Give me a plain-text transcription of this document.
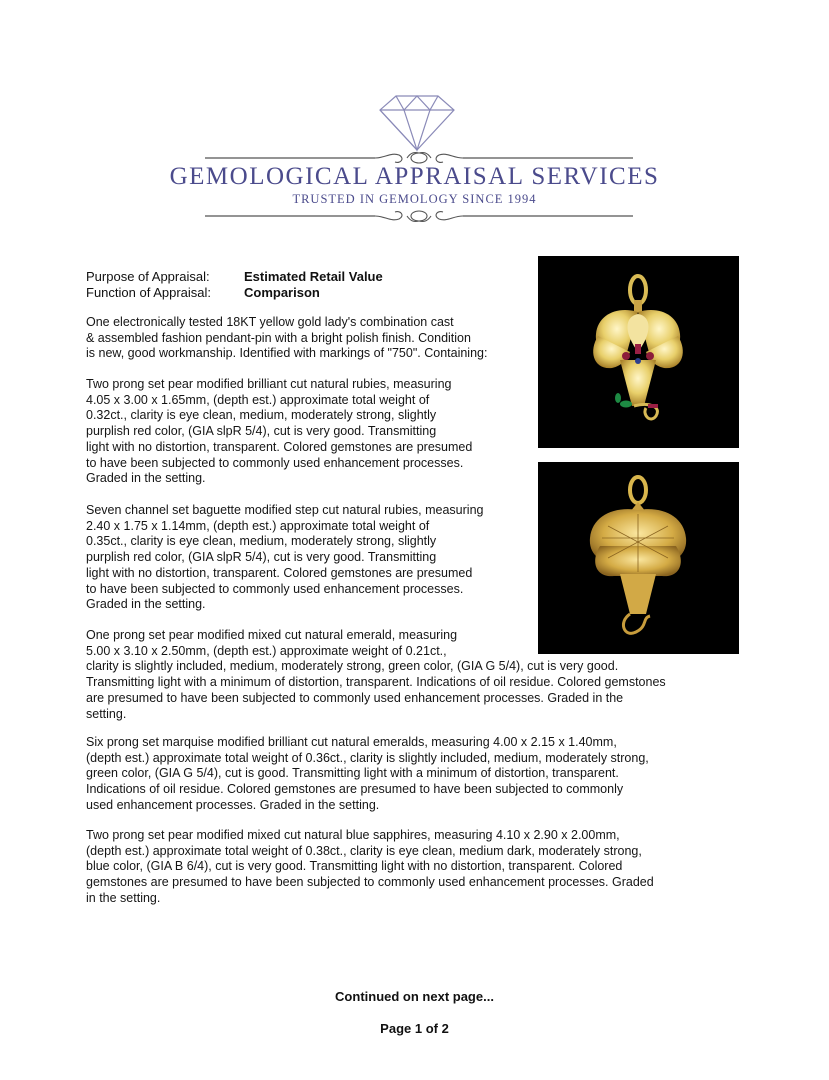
GEMOLOGICAL APPRAISAL SERVICES
TRUSTED IN GEMOLOGY SINCE 1994
Purpose of Appraisal:	Estimated Retail Value
Function of Appraisal:	Comparison
One electronically tested 18KT yellow gold lady's combination cast
& assembled fashion pendant-pin with a bright polish finish. Condition
is new, good workmanship. Identified with markings of "750". Containing:
Two prong set pear modified brilliant cut natural rubies, measuring
4.05 x 3.00 x 1.65mm, (depth est.) approximate total weight of
0.32ct., clarity is eye clean, medium, moderately strong, slightly
purplish red color, (GIA slpR 5/4), cut is very good. Transmitting
light with no distortion, transparent. Colored gemstones are presumed
to have been subjected to commonly used enhancement processes.
Graded in the setting.
Seven channel set baguette modified step cut natural rubies, measuring
2.40 x 1.75 x 1.14mm, (depth est.) approximate total weight of
0.35ct., clarity is eye clean, medium, moderately strong, slightly
purplish red color, (GIA slpR 5/4), cut is very good. Transmitting
light with no distortion, transparent. Colored gemstones are presumed
to have been subjected to commonly used enhancement processes.
Graded in the setting.
One prong set pear modified mixed cut natural emerald, measuring
5.00 x 3.10 x 2.50mm, (depth est.) approximate weight of 0.21ct.,
clarity is slightly included, medium, moderately strong, green color, (GIA G 5/4), cut is very good.
Transmitting light with a minimum of distortion, transparent. Indications of oil residue. Colored gemstones
are presumed to have been subjected to commonly used enhancement processes. Graded in the
setting.
Six prong set marquise modified brilliant cut natural emeralds, measuring 4.00 x 2.15 x 1.40mm,
(depth est.) approximate total weight of 0.36ct., clarity is slightly included, medium, moderately strong,
green color, (GIA G 5/4), cut is good. Transmitting light with a minimum of distortion, transparent.
Indications of oil residue. Colored gemstones are presumed to have been subjected to commonly
used enhancement processes. Graded in the setting.
Two prong set pear modified mixed cut natural blue sapphires, measuring 4.10 x 2.90 x 2.00mm,
(depth est.) approximate total weight of 0.38ct., clarity is eye clean, medium dark, moderately strong,
blue color, (GIA B 6/4), cut is very good. Transmitting light with no distortion, transparent. Colored
gemstones are presumed to have been subjected to commonly used enhancement processes. Graded
in the setting.
Continued on next page...
Page 1 of 2
